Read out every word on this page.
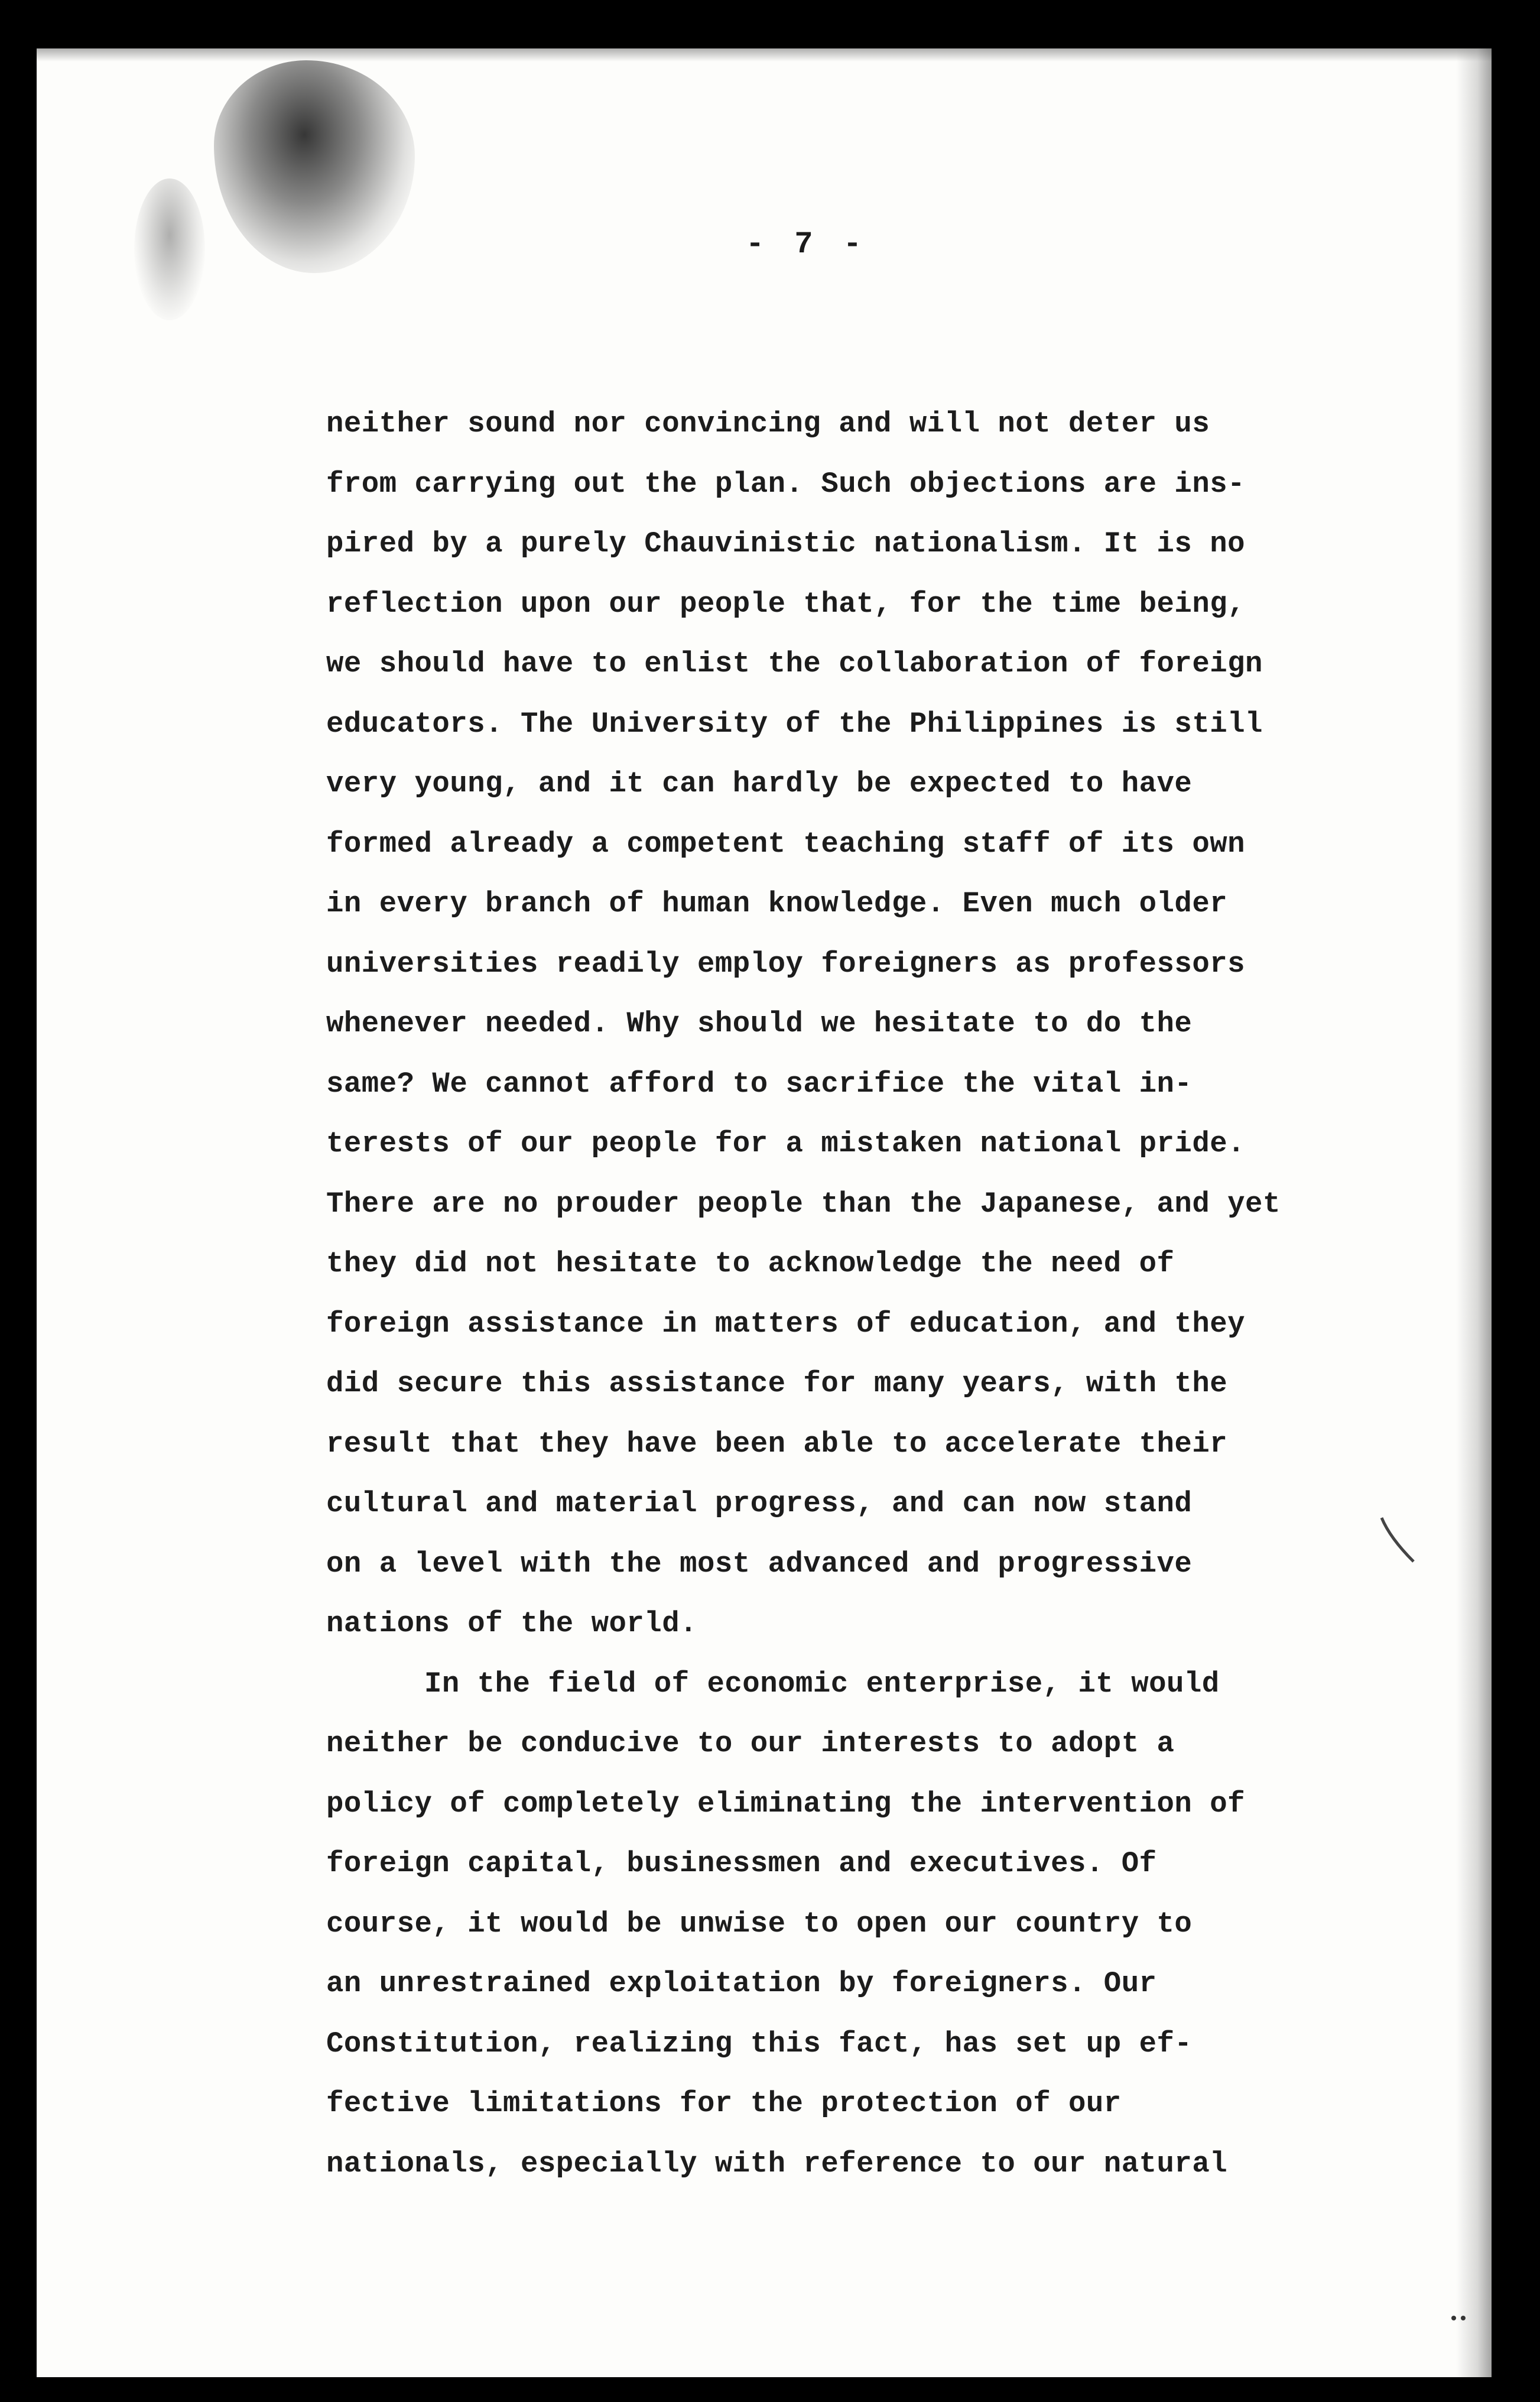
- 7 -
neither sound nor convincing and will not deter us
from carrying out the plan. Such objections are ins-
pired by a purely Chauvinistic nationalism. It is no
reflection upon our people that, for the time being,
we should have to enlist the collaboration of foreign
educators. The University of the Philippines is still
very young, and it can hardly be expected to have
formed already a competent teaching staff of its own
in every branch of human knowledge. Even much older
universities readily employ foreigners as professors
whenever needed. Why should we hesitate to do the
same? We cannot afford to sacrifice the vital in-
terests of our people for a mistaken national pride.
There are no prouder people than the Japanese, and yet
they did not hesitate to acknowledge the need of
foreign assistance in matters of education, and they
did secure this assistance for many years, with the
result that they have been able to accelerate their
cultural and material progress, and can now stand
on a level with the most advanced and progressive
nations of the world.
In the field of economic enterprise, it would
neither be conducive to our interests to adopt a
policy of completely eliminating the intervention of
foreign capital, businessmen and executives. Of
course, it would be unwise to open our country to
an unrestrained exploitation by foreigners. Our
Constitution, realizing this fact, has set up ef-
fective limitations for the protection of our
nationals, especially with reference to our natural
